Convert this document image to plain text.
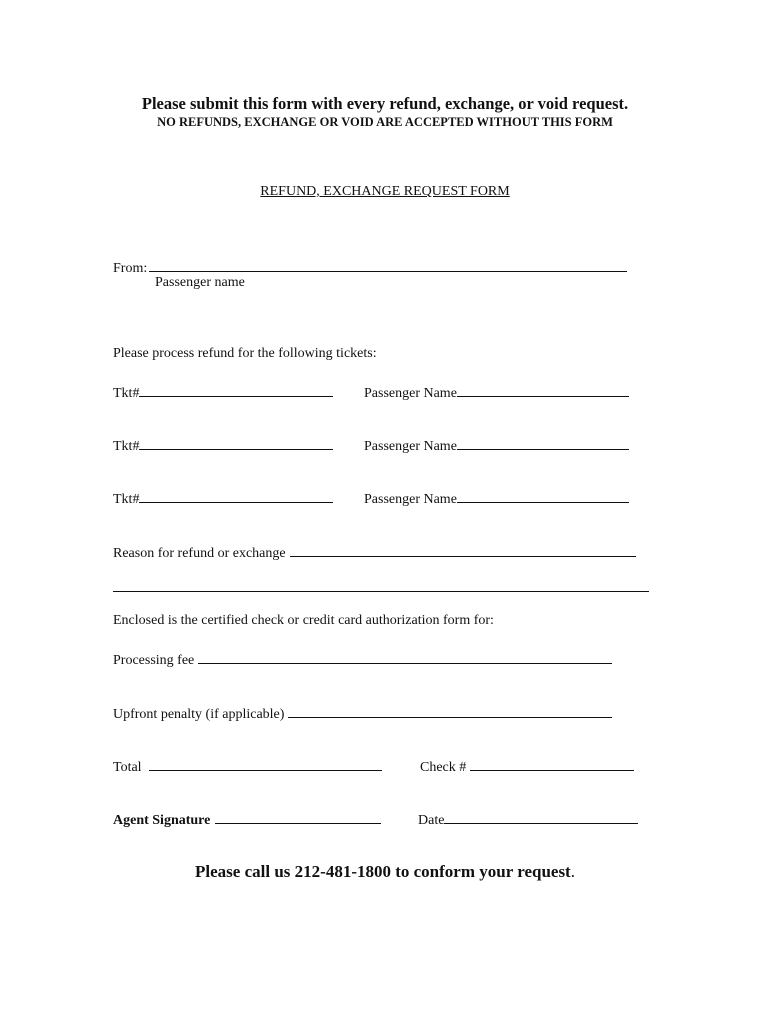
Please submit this form with every refund, exchange, or void request.
NO REFUNDS, EXCHANGE OR VOID ARE ACCEPTED WITHOUT THIS FORM
REFUND, EXCHANGE REQUEST FORM
From:
Passenger name
Please process refund for the following tickets:
Tkt#	Passenger Name
Tkt#	Passenger Name
Tkt#	Passenger Name
Reason for refund or exchange
Enclosed is the certified check or credit card authorization form for:
Processing fee
Upfront penalty (if applicable)
Total	Check #
Agent Signature	Date
Please call us 212-481-1800 to conform your request.
